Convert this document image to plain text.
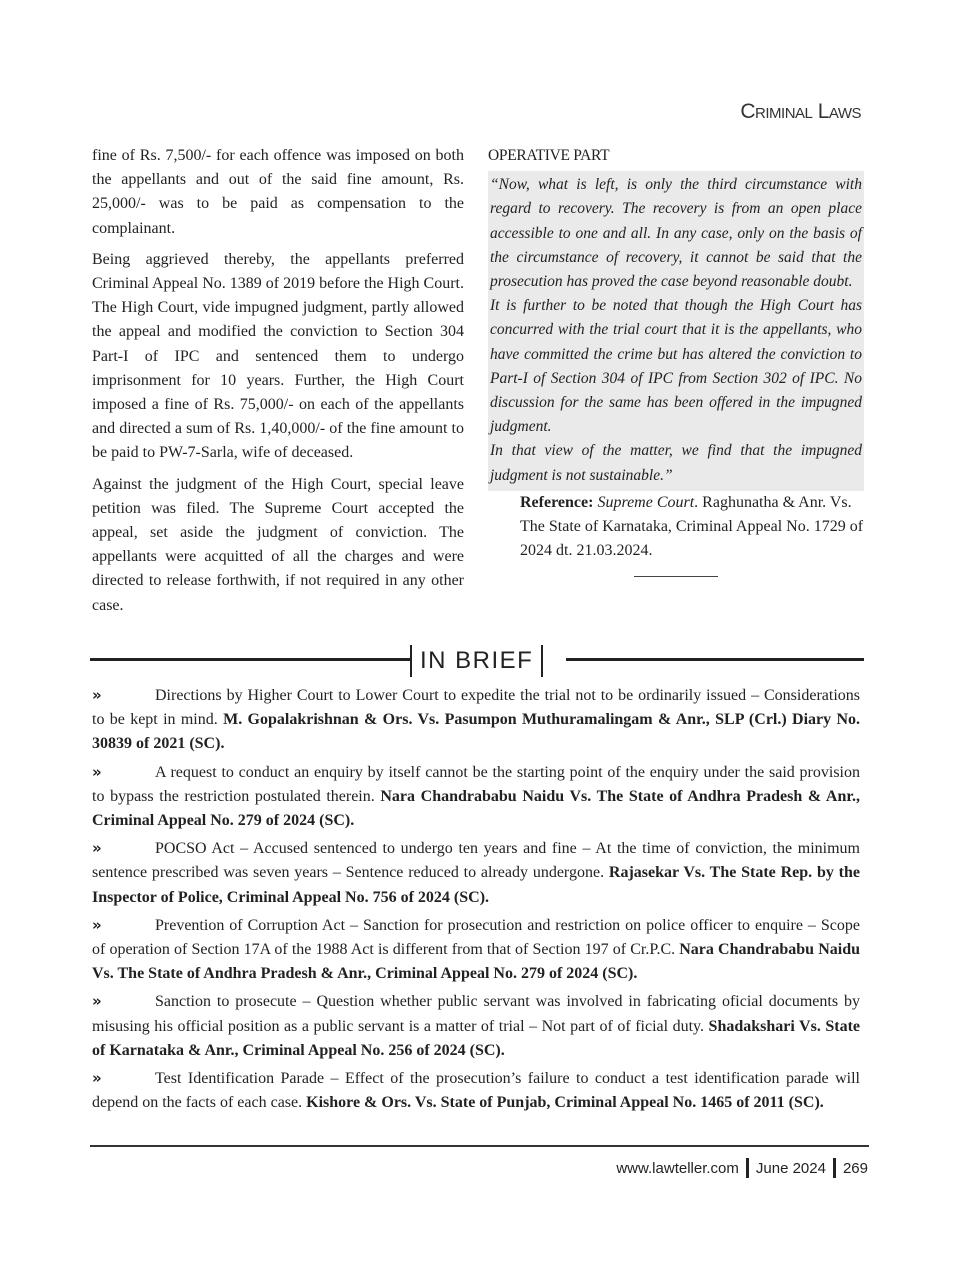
Criminal Laws

fine of Rs. 7,500/- for each offence was imposed on both the appellants and out of the said fine amount, Rs. 25,000/- was to be paid as compensation to the complainant.

Being aggrieved thereby, the appellants preferred Criminal Appeal No. 1389 of 2019 before the High Court. The High Court, vide impugned judgment, partly allowed the appeal and modified the conviction to Section 304 Part-I of IPC and sentenced them to undergo imprisonment for 10 years. Further, the High Court imposed a fine of Rs. 75,000/- on each of the appellants and directed a sum of Rs. 1,40,000/- of the fine amount to be paid to PW-7-Sarla, wife of deceased.

Against the judgment of the High Court, special leave petition was filed. The Supreme Court accepted the appeal, set aside the judgment of conviction. The appellants were acquitted of all the charges and were directed to release forthwith, if not required in any other case.

OPERATIVE PART

“Now, what is left, is only the third circumstance with regard to recovery. The recovery is from an open place accessible to one and all. In any case, only on the basis of the circumstance of recovery, it cannot be said that the prosecution has proved the case beyond reasonable doubt.

It is further to be noted that though the High Court has concurred with the trial court that it is the appellants, who have committed the crime but has altered the conviction to Part-I of Section 304 of IPC from Section 302 of IPC. No discussion for the same has been offered in the impugned judgment.

In that view of the matter, we find that the impugned judgment is not sustainable.”

Reference: Supreme Court. Raghunatha & Anr. Vs. The State of Karnataka, Criminal Appeal No. 1729 of 2024 dt. 21.03.2024.

IN BRIEF
»	Directions by Higher Court to Lower Court to expedite the trial not to be ordinarily issued – Considerations to be kept in mind. M. Gopalakrishnan & Ors. Vs. Pasumpon Muthuramalingam & Anr., SLP (Crl.) Diary No. 30839 of 2021 (SC).
»	A request to conduct an enquiry by itself cannot be the starting point of the enquiry under the said provision to bypass the restriction postulated therein. Nara Chandrababu Naidu Vs. The State of Andhra Pradesh & Anr., Criminal Appeal No. 279 of 2024 (SC).
»	POCSO Act – Accused sentenced to undergo ten years and fine – At the time of conviction, the minimum sentence prescribed was seven years – Sentence reduced to already undergone. Rajasekar Vs. The State Rep. by the Inspector of Police, Criminal Appeal No. 756 of 2024 (SC).
»	Prevention of Corruption Act – Sanction for prosecution and restriction on police officer to enquire – Scope of operation of Section 17A of the 1988 Act is different from that of Section 197 of Cr.P.C. Nara Chandrababu Naidu Vs. The State of Andhra Pradesh & Anr., Criminal Appeal No. 279 of 2024 (SC).
»	Sanction to prosecute – Question whether public servant was involved in fabricating oficial documents by misusing his official position as a public servant is a matter of trial – Not part of of ficial duty. Shadakshari Vs. State of Karnataka & Anr., Criminal Appeal No. 256 of 2024 (SC).
»	Test Identification Parade – Effect of the prosecution’s failure to conduct a test identification parade will depend on the facts of each case. Kishore & Ors. Vs. State of Punjab, Criminal Appeal No. 1465 of 2011 (SC).
www.lawteller.com June 2024 269
